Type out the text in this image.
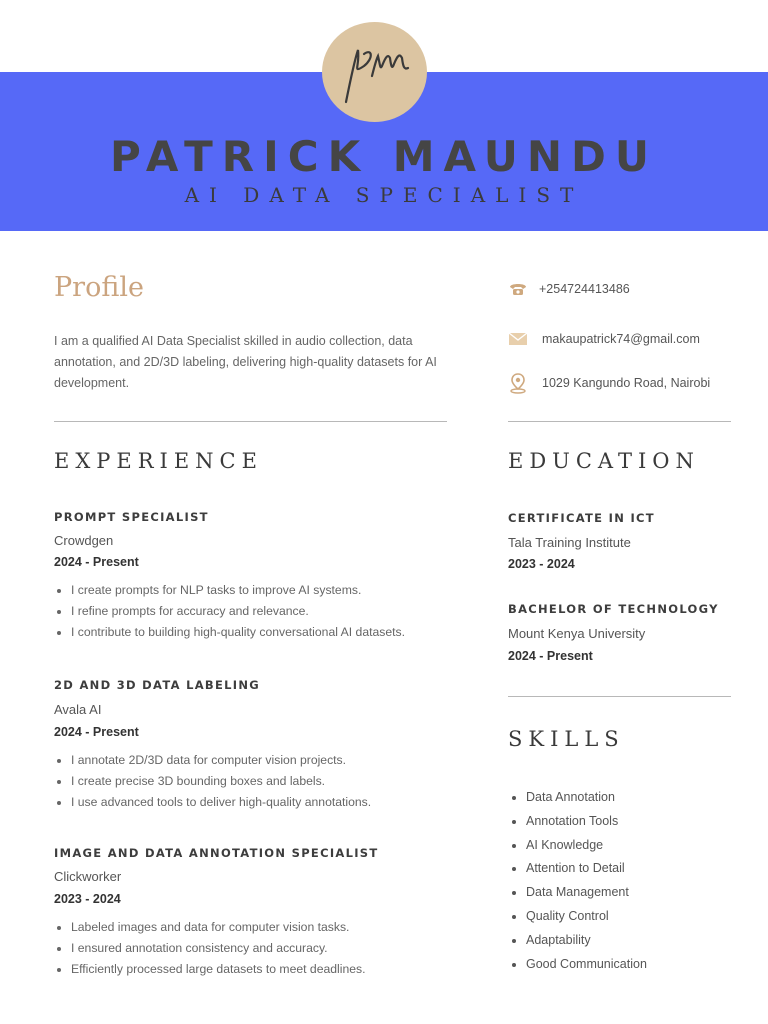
PATRICK MAUNDU
AI DATA SPECIALIST
Profile
I am a qualified AI Data Specialist skilled in audio collection, data annotation, and 2D/3D labeling, delivering high-quality datasets for AI development.
+254724413486
makaupatrick74@gmail.com
1029 Kangundo Road, Nairobi
EXPERIENCE
PROMPT SPECIALIST
Crowdgen
2024 - Present
• I create prompts for NLP tasks to improve AI systems.
• I refine prompts for accuracy and relevance.
• I contribute to building high-quality conversational AI datasets.
2D AND 3D DATA LABELING
Avala AI
2024 - Present
• I annotate 2D/3D data for computer vision projects.
• I create precise 3D bounding boxes and labels.
• I use advanced tools to deliver high-quality annotations.
IMAGE AND DATA ANNOTATION SPECIALIST
Clickworker
2023 - 2024
• Labeled images and data for computer vision tasks.
• I ensured annotation consistency and accuracy.
• Efficiently processed large datasets to meet deadlines.
EDUCATION
CERTIFICATE IN ICT
Tala Training Institute
2023 - 2024
BACHELOR OF TECHNOLOGY
Mount Kenya University
2024 - Present
SKILLS
• Data Annotation
• Annotation Tools
• AI Knowledge
• Attention to Detail
• Data Management
• Quality Control
• Adaptability
• Good Communication
